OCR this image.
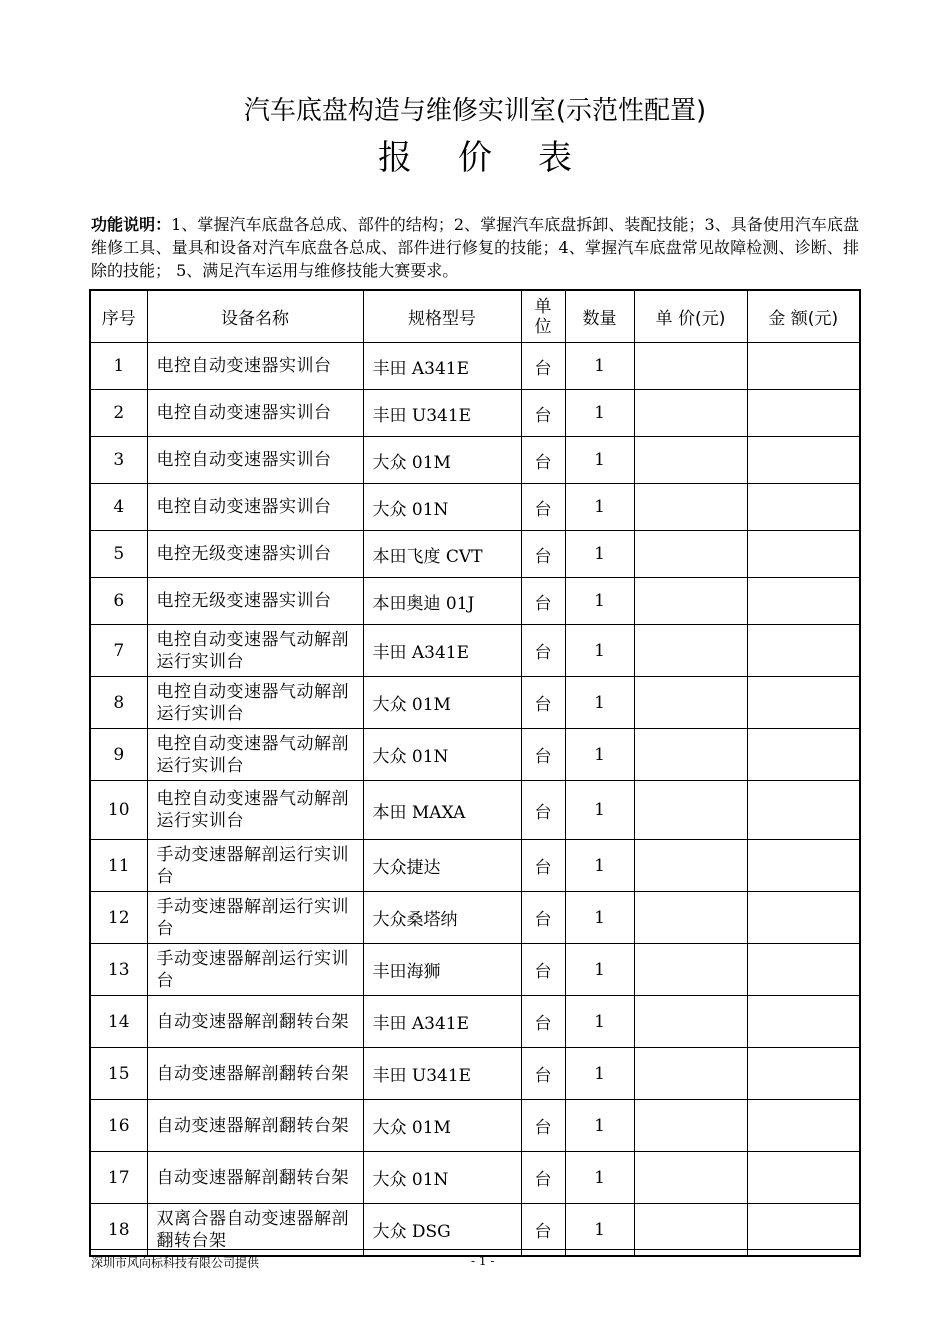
汽车底盘构造与维修实训室(示范性配置)
报价表
功能说明：1、掌握汽车底盘各总成、部件的结构；2、掌握汽车底盘拆卸、装配技能；3、具备使用汽车底盘维修工具、量具和设备对汽车底盘各总成、部件进行修复的技能；4、掌握汽车底盘常见故障检测、诊断、排除的技能； 5、满足汽车运用与维修技能大赛要求。
序号	设备名称	规格型号	单位	数量	单 价(元)	金 额(元)
1	电控自动变速器实训台	丰田 A341E	台	1		
2	电控自动变速器实训台	丰田 U341E	台	1		
3	电控自动变速器实训台	大众 01M	台	1		
4	电控自动变速器实训台	大众 01N	台	1		
5	电控无级变速器实训台	本田飞度 CVT	台	1		
6	电控无级变速器实训台	本田奥迪 01J	台	1		
7	电控自动变速器气动解剖运行实训台	丰田 A341E	台	1		
8	电控自动变速器气动解剖运行实训台	大众 01M	台	1		
9	电控自动变速器气动解剖运行实训台	大众 01N	台	1		
10	电控自动变速器气动解剖运行实训台	本田 MAXA	台	1		
11	手动变速器解剖运行实训台	大众捷达	台	1		
12	手动变速器解剖运行实训台	大众桑塔纳	台	1		
13	手动变速器解剖运行实训台	丰田海狮	台	1		
14	自动变速器解剖翻转台架	丰田 A341E	台	1		
15	自动变速器解剖翻转台架	丰田 U341E	台	1		
16	自动变速器解剖翻转台架	大众 01M	台	1		
17	自动变速器解剖翻转台架	大众 01N	台	1		
18	双离合器自动变速器解剖翻转台架	大众 DSG	台	1		
深圳市风向标科技有限公司提供	- 1 -
